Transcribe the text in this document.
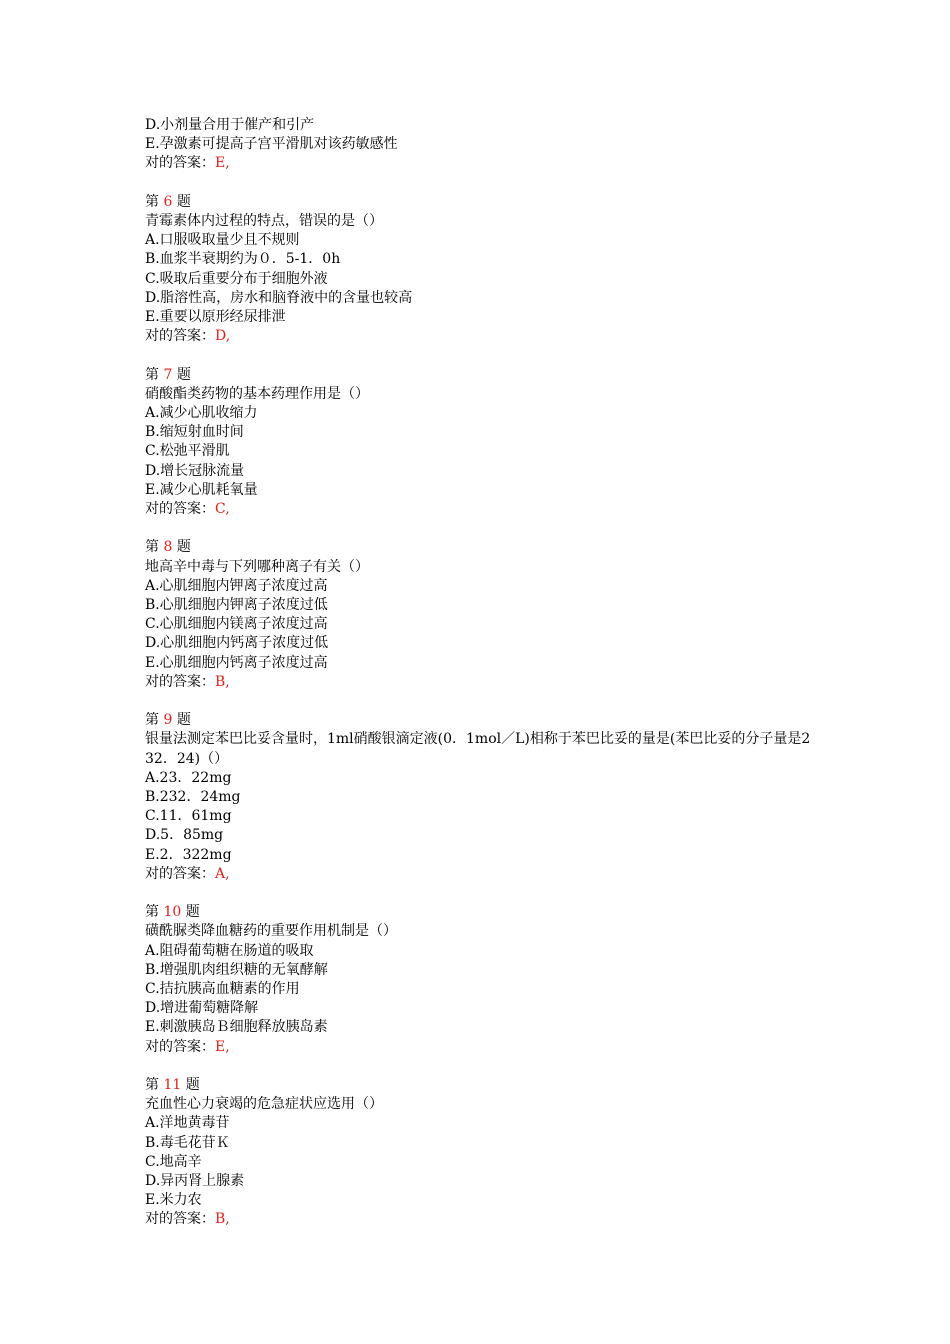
D.小剂量合用于催产和引产
E.孕激素可提高子宫平滑肌对该药敏感性
对的答案：E,
第 6 题
青霉素体内过程的特点，错误的是（）
A.口服吸取量少且不规则
B.血浆半衰期约为０．5-1．0h
C.吸取后重要分布于细胞外液
D.脂溶性高，房水和脑脊液中的含量也较高
E.重要以原形经尿排泄
对的答案：D,
第 7 题
硝酸酯类药物的基本药理作用是（）
A.减少心肌收缩力
B.缩短射血时间
C.松弛平滑肌
D.增长冠脉流量
E.减少心肌耗氧量
对的答案：C,
第 8 题
地高辛中毒与下列哪种离子有关（）
A.心肌细胞内钾离子浓度过高
B.心肌细胞内钾离子浓度过低
C.心肌细胞内镁离子浓度过高
D.心肌细胞内钙离子浓度过低
E.心肌细胞内钙离子浓度过高
对的答案：B,
第 9 题
银量法测定苯巴比妥含量时，1ml硝酸银滴定液(0．1mol／L)相称于苯巴比妥的量是(苯巴比妥的分子量是232．24)（）
A.23．22mg
B.232．24mg
C.11．61mg
D.5．85mg
E.2．322mg
对的答案：A,
第 10 题
磺酰脲类降血糖药的重要作用机制是（）
A.阻碍葡萄糖在肠道的吸取
B.增强肌肉组织糖的无氧酵解
C.拮抗胰高血糖素的作用
D.增进葡萄糖降解
E.刺激胰岛Ｂ细胞释放胰岛素
对的答案：E,
第 11 题
充血性心力衰竭的危急症状应选用（）
A.洋地黄毒苷
B.毒毛花苷Ｋ
C.地高辛
D.异丙肾上腺素
E.米力农
对的答案：B,
